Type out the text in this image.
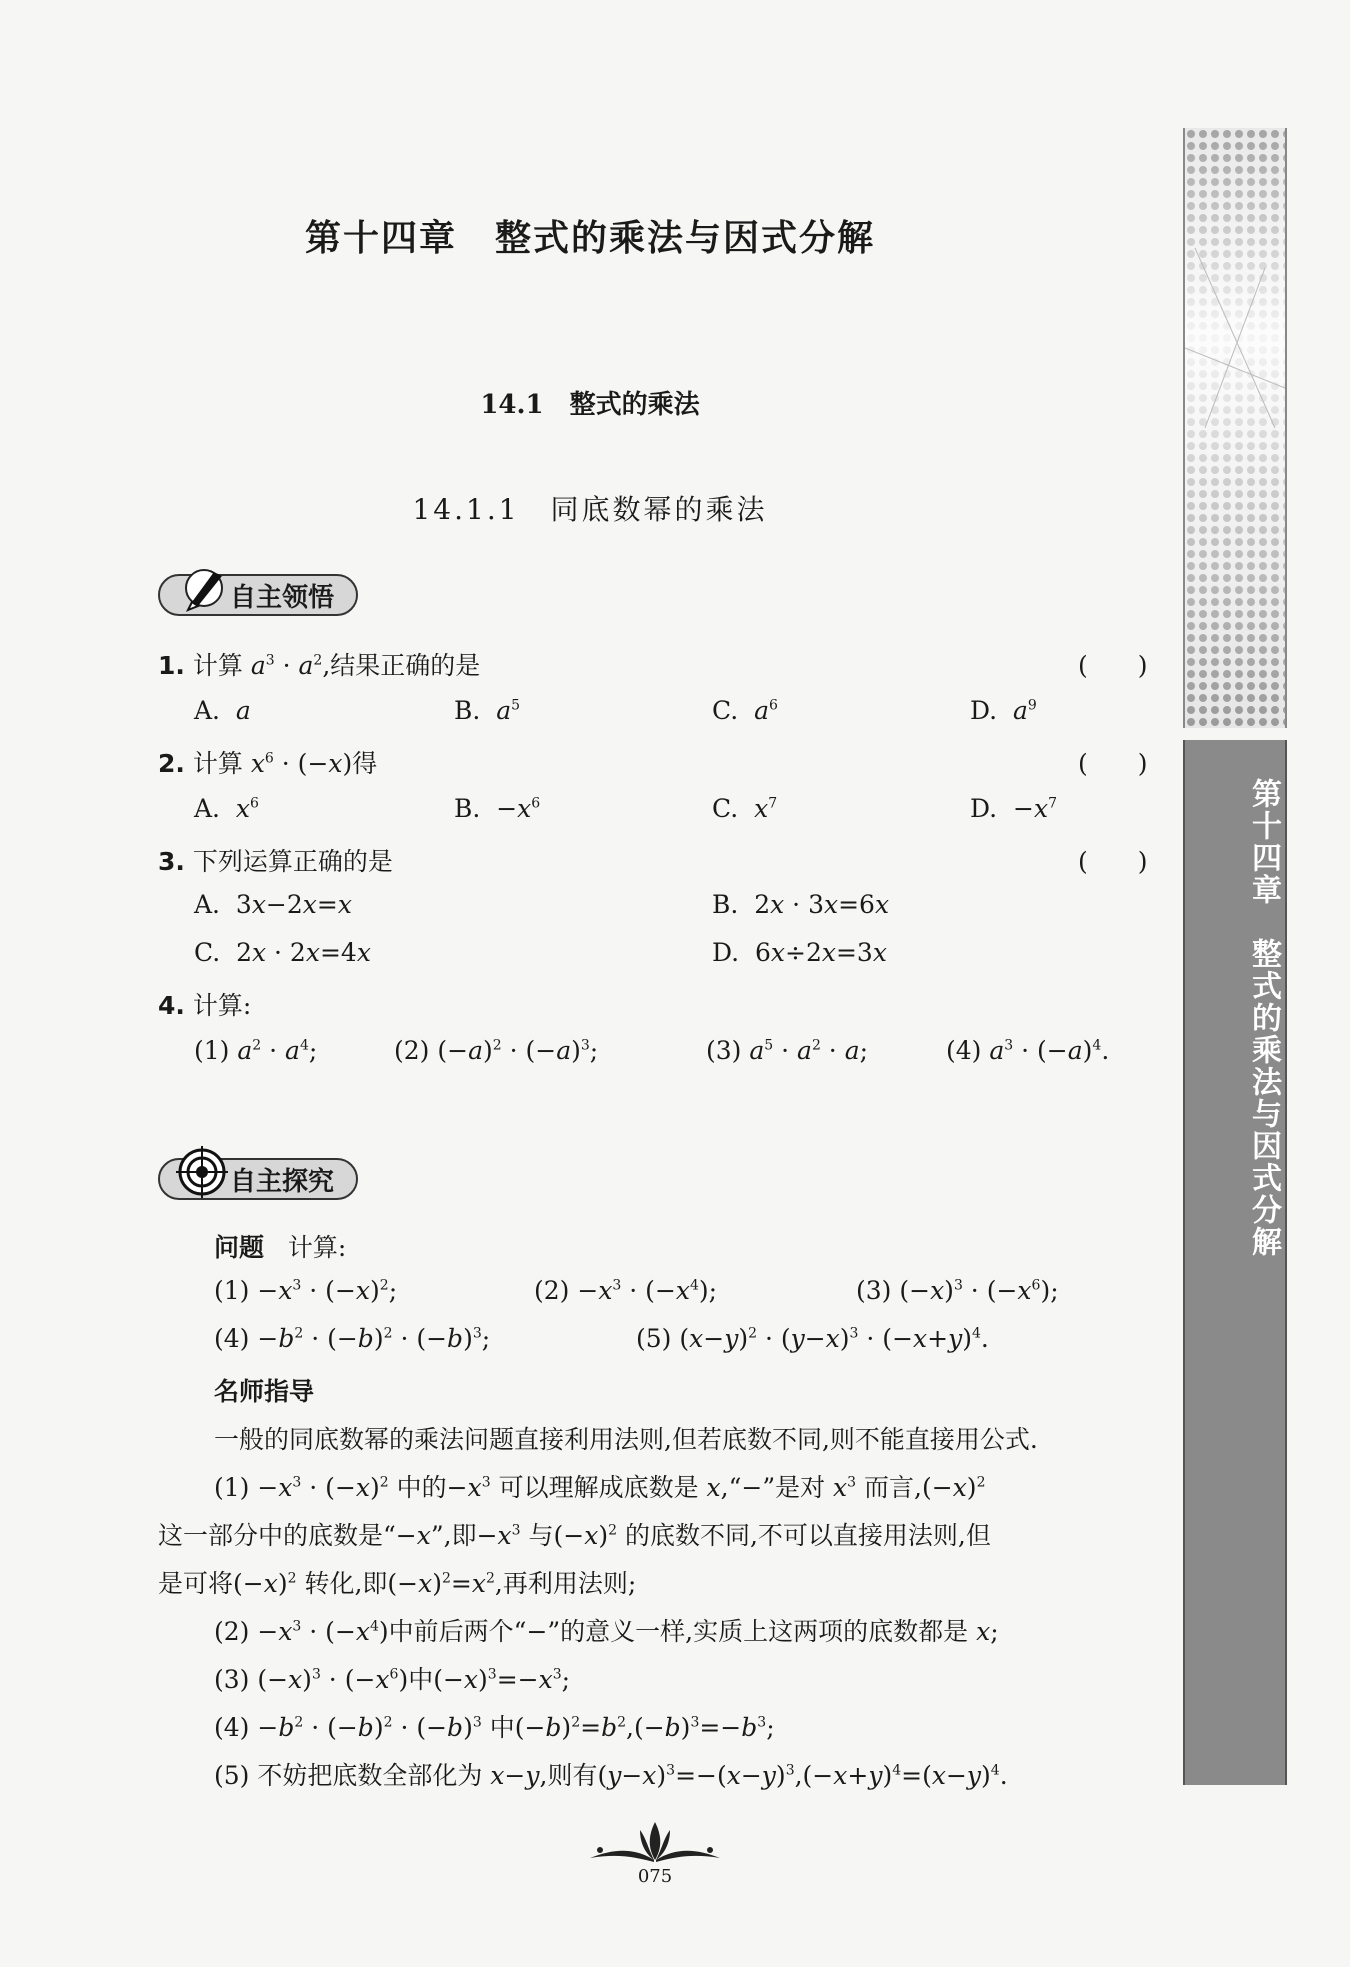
第十四章　整式的乘法与因式分解
14.1　整式的乘法
14.1.1　同底数幂的乘法
自主领悟
1. 计算 $a^3 \cdot a^2$,结果正确的是	(　　)
A.  a	B.  $a^5$	C.  $a^6$	D.  $a^9$
2. 计算 $x^6 \cdot (-x)$得	(　　)
A.  $x^6$	B.  $-x^6$	C.  $x^7$	D.  $-x^7$
3. 下列运算正确的是	(　　)
A.  3x−2x=x	B.  2x · 3x=6x
C.  2x · 2x=4x	D.  6x÷2x=3x
4. 计算:
(1) $a^2 \cdot a^4$;	(2) $(-a)^2 \cdot (-a)^3$;	(3) $a^5 \cdot a^2 \cdot a$;	(4) $a^3 \cdot (-a)^4$.
自主探究
问题 计算:
$(1) -x^3 \cdot (-x)^2$;	$(2) -x^3 \cdot (-x^4)$;	(3) $(-x)^3 \cdot (-x^6)$;
$(4) -b^2 \cdot (-b)^2 \cdot (-b)^3$;	(5) $(x-y)^2 \cdot (y-x)^3 \cdot (-x+y)^4$.
名师指导
一般的同底数幂的乘法问题直接利用法则,但若底数不同,则不能直接用公式.
$(1) -x^3 \cdot (-x)^2$ 中的$-x^3$ 可以理解成底数是 x,“−”是对 $x^3$ 而言$,(-x)^2$
这一部分中的底数是“−x”,即$-x^3$ 与$(-x)^2$ 的底数不同,不可以直接用法则,但
是可将$(-x)^2$ 转化,即$(-x)^2=x^2$,再利用法则;
$(2) -x^3 \cdot (-x^4)$中前后两个“−”的意义一样,实质上这两项的底数都是 x;
(3) $(-x)^3 \cdot (-x^6)$中$(-x)^3=-x^3$;
$(4) -b^2 \cdot (-b)^2 \cdot (-b)^3$ 中$(-b)^2=b^2,(-b)^3=-b^3$;
(5) 不妨把底数全部化为 x−y,则有$(y-x)^3=-(x-y)^3,(-x+y)^4=(x-y)^4$.
第十四章　整式的乘法与因式分解
075
